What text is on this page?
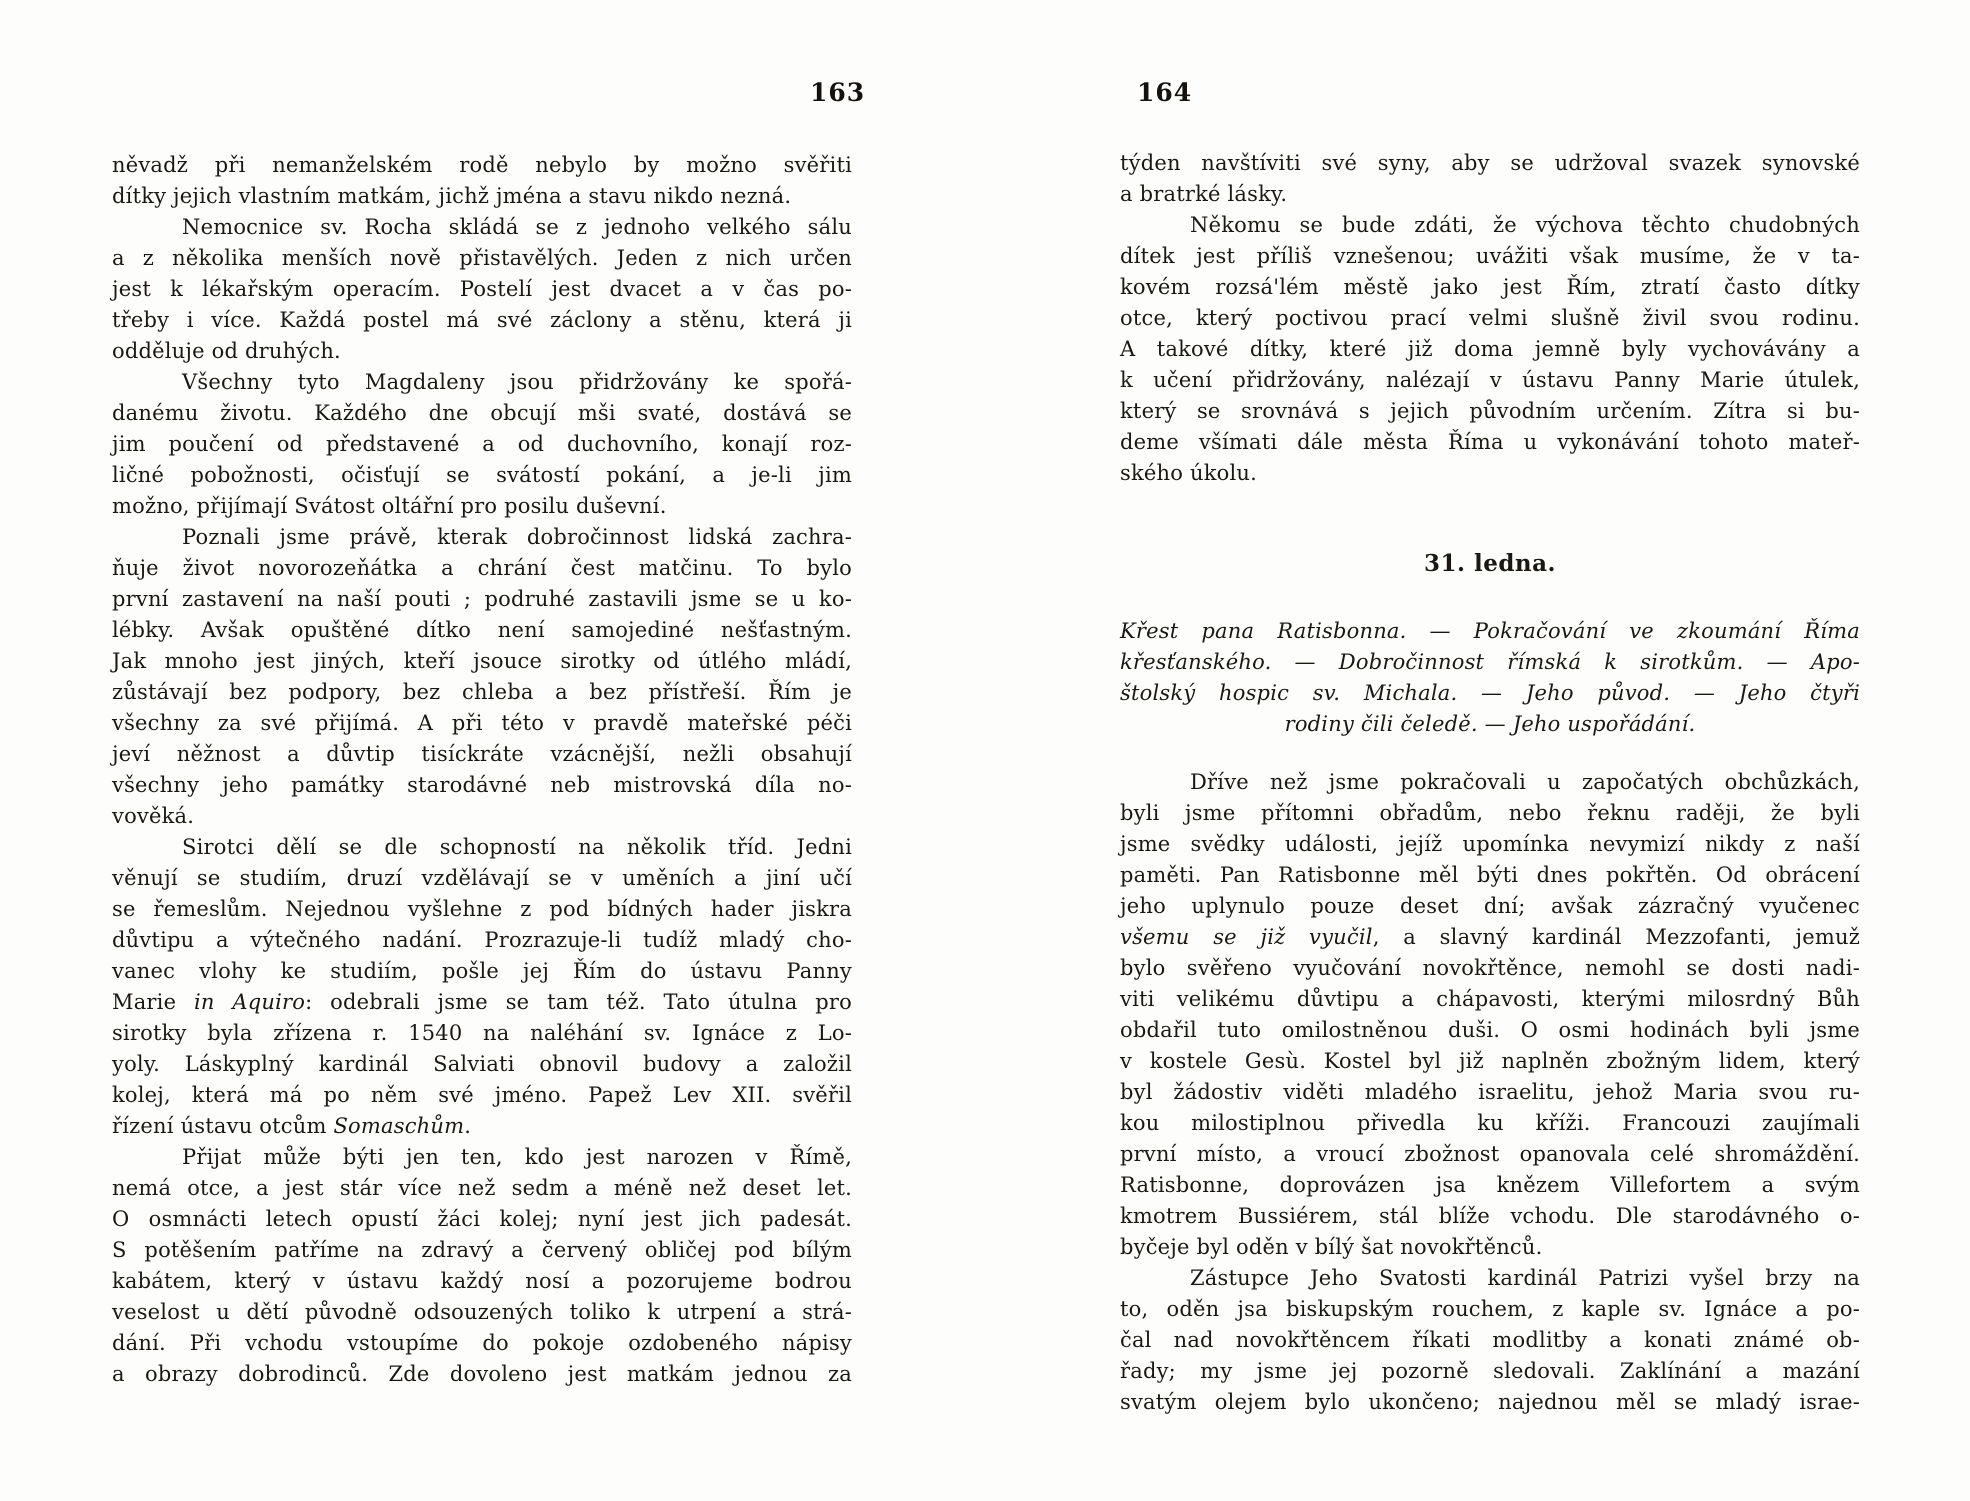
163
něvadž při nemanželském rodě nebylo by možno svěřiti
dítky jejich vlastním matkám, jichž jména a stavu nikdo nezná.
Nemocnice sv. Rocha skládá se z jednoho velkého sálu
a z několika menších nově přistavělých. Jeden z nich určen
jest k lékařským operacím. Postelí jest dvacet a v čas po-
třeby i více. Každá postel má své záclony a stěnu, která ji
odděluje od druhých.
Všechny tyto Magdaleny jsou přidržovány ke spořá-
danému životu. Každého dne obcují mši svaté, dostává se
jim poučení od představené a od duchovního, konají roz-
ličné pobožnosti, očisťují se svátostí pokání, a je-li jim
možno, přijímají Svátost oltářní pro posilu duševní.
Poznali jsme právě, kterak dobročinnost lidská zachra-
ňuje život novorozeňátka a chrání čest matčinu. To bylo
první zastavení na naší pouti ; podruhé zastavili jsme se u ko-
lébky. Avšak opuštěné dítko není samojediné nešťastným.
Jak mnoho jest jiných, kteří jsouce sirotky od útlého mládí,
zůstávají bez podpory, bez chleba a bez přístřeší. Řím je
všechny za své přijímá. A při této v pravdě mateřské péči
jeví něžnost a důvtip tisíckráte vzácnější, nežli obsahují
všechny jeho památky starodávné neb mistrovská díla no-
vověká.
Sirotci dělí se dle schopností na několik tříd. Jedni
věnují se studiím, druzí vzdělávají se v uměních a jiní učí
se řemeslům. Nejednou vyšlehne z pod bídných hader jiskra
důvtipu a výtečného nadání. Prozrazuje-li tudíž mladý cho-
vanec vlohy ke studiím, pošle jej Řím do ústavu Panny
Marie in Aquiro: odebrali jsme se tam též. Tato útulna pro
sirotky byla zřízena r. 1540 na naléhání sv. Ignáce z Lo-
yoly. Láskyplný kardinál Salviati obnovil budovy a založil
kolej, která má po něm své jméno. Papež Lev XII. svěřil
řízení ústavu otcům Somaschům.
Přijat může býti jen ten, kdo jest narozen v Římě,
nemá otce, a jest stár více než sedm a méně než deset let.
O osmnácti letech opustí žáci kolej; nyní jest jich padesát.
S potěšením patříme na zdravý a červený obličej pod bílým
kabátem, který v ústavu každý nosí a pozorujeme bodrou
veselost u dětí původně odsouzených toliko k utrpení a strá-
dání. Při vchodu vstoupíme do pokoje ozdobeného nápisy
a obrazy dobrodinců. Zde dovoleno jest matkám jednou za
164
týden navštíviti své syny, aby se udržoval svazek synovské
a bratrké lásky.
Někomu se bude zdáti, že výchova těchto chudobných
dítek jest příliš vznešenou; uvážiti však musíme, že v ta-
kovém rozsá'lém městě jako jest Řím, ztratí často dítky
otce, který poctivou prací velmi slušně živil svou rodinu.
A takové dítky, které již doma jemně byly vychovávány a
k učení přidržovány, nalézají v ústavu Panny Marie útulek,
který se srovnává s jejich původním určením. Zítra si bu-
deme všímati dále města Říma u vykonávání tohoto mateř-
ského úkolu.
31. ledna.
Křest pana Ratisbonna. — Pokračování ve zkoumání Říma
křesťanského. — Dobročinnost římská k sirotkům. — Apo-
štolský hospic sv. Michala. — Jeho původ. — Jeho čtyři
rodiny čili čeledě. — Jeho uspořádání.
Dříve než jsme pokračovali u započatých obchůzkách,
byli jsme přítomni obřadům, nebo řeknu raději, že byli
jsme svědky události, jejíž upomínka nevymizí nikdy z naší
paměti. Pan Ratisbonne měl býti dnes pokřtěn. Od obrácení
jeho uplynulo pouze deset dní; avšak zázračný vyučenec
všemu se již vyučil, a slavný kardinál Mezzofanti, jemuž
bylo svěřeno vyučování novokřtěnce, nemohl se dosti nadi-
viti velikému důvtipu a chápavosti, kterými milosrdný Bůh
obdařil tuto omilostněnou duši. O osmi hodinách byli jsme
v kostele Gesù. Kostel byl již naplněn zbožným lidem, který
byl žádostiv viděti mladého israelitu, jehož Maria svou ru-
kou milostiplnou přivedla ku kříži. Francouzi zaujímali
první místo, a vroucí zbožnost opanovala celé shromáždění.
Ratisbonne, doprovázen jsa knězem Villefortem a svým
kmotrem Bussiérem, stál blíže vchodu. Dle starodávného o-
byčeje byl oděn v bílý šat novokřtěnců.
Zástupce Jeho Svatosti kardinál Patrizi vyšel brzy na
to, oděn jsa biskupským rouchem, z kaple sv. Ignáce a po-
čal nad novokřtěncem říkati modlitby a konati známé ob-
řady; my jsme jej pozorně sledovali. Zaklínání a mazání
svatým olejem bylo ukončeno; najednou měl se mladý israe-
